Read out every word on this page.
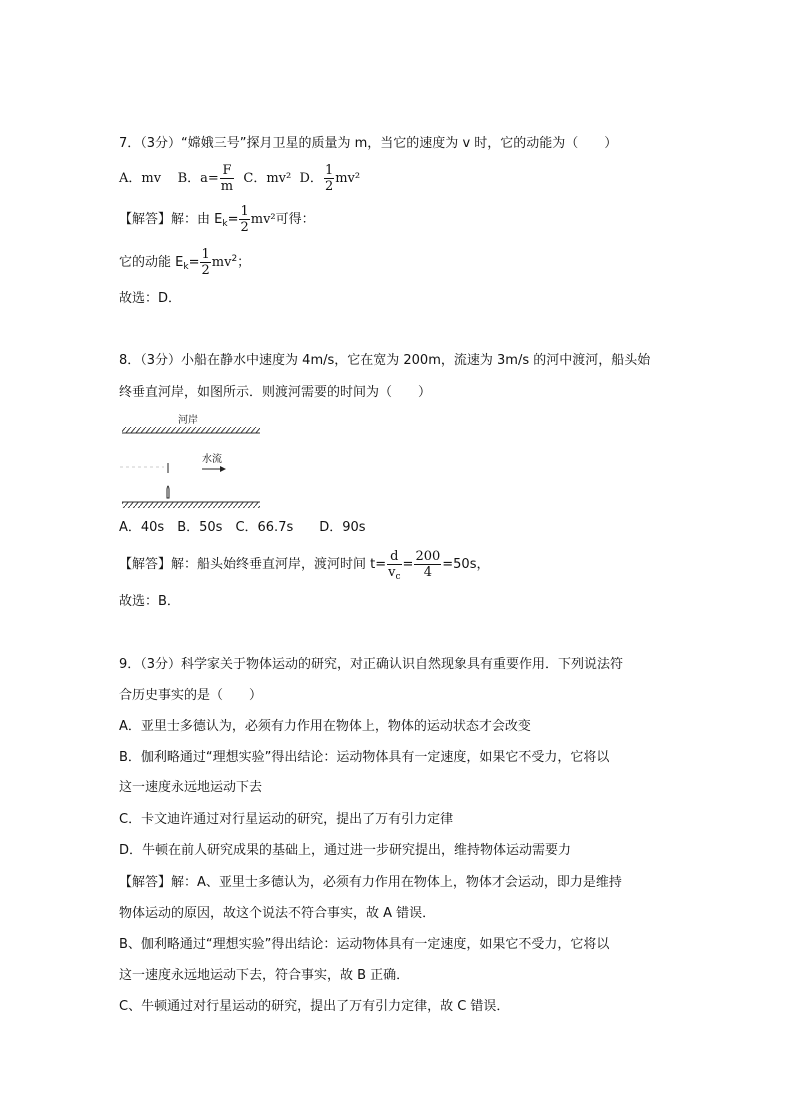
7．（3分）“嫦娥三号”探月卫星的质量为 m，当它的速度为 v 时，它的动能为（　　）
A．mv B．$a= \frac{F}{m}$ C．mv² D． $\frac{1}{2} mv^2$
【解答】解：由 $E_k= \frac{1}{2} mv^2$可得：
它的动能 $E_k= \frac{1}{2} mv^2$；
故选：D．
8．（3分）小船在静水中速度为 4m/s，它在宽为 200m，流速为 3m/s 的河中渡河，船头始
终垂直河岸，如图所示．则渡河需要的时间为（　　）
河岸
水流
A．40s　B．50s　C．66.7s　　D．90s
【解答】解：船头始终垂直河岸，渡河时间 $t= \frac{d}{v_c} = \frac{200}{4} =50s$，
故选：B．
9．（3分）科学家关于物体运动的研究，对正确认识自然现象具有重要作用．下列说法符
合历史事实的是（　　）
A．亚里士多德认为，必须有力作用在物体上，物体的运动状态才会改变
B．伽利略通过“理想实验”得出结论：运动物体具有一定速度，如果它不受力，它将以
这一速度永远地运动下去
C．卡文迪许通过对行星运动的研究，提出了万有引力定律
D．牛顿在前人研究成果的基础上，通过进一步研究提出，维持物体运动需要力
【解答】解：A、亚里士多德认为，必须有力作用在物体上，物体才会运动，即力是维持
物体运动的原因，故这个说法不符合事实，故 A 错误．
B、伽利略通过“理想实验”得出结论：运动物体具有一定速度，如果它不受力，它将以
这一速度永远地运动下去，符合事实，故 B 正确．
C、牛顿通过对行星运动的研究，提出了万有引力定律，故 C 错误．
